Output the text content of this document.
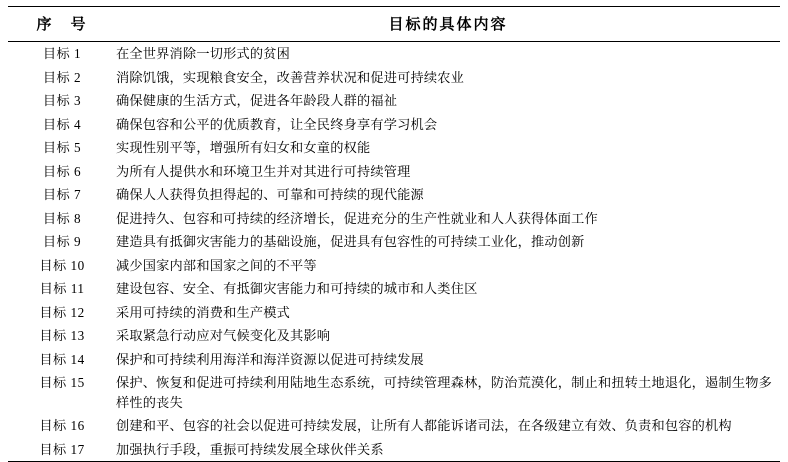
序　号	目标的具体内容
目标 1	在全世界消除一切形式的贫困
目标 2	消除饥饿，实现粮食安全，改善营养状况和促进可持续农业
目标 3	确保健康的生活方式，促进各年龄段人群的福祉
目标 4	确保包容和公平的优质教育，让全民终身享有学习机会
目标 5	实现性别平等，增强所有妇女和女童的权能
目标 6	为所有人提供水和环境卫生并对其进行可持续管理
目标 7	确保人人获得负担得起的、可靠和可持续的现代能源
目标 8	促进持久、包容和可持续的经济增长，促进充分的生产性就业和人人获得体面工作
目标 9	建造具有抵御灾害能力的基础设施，促进具有包容性的可持续工业化，推动创新
目标 10	减少国家内部和国家之间的不平等
目标 11	建设包容、安全、有抵御灾害能力和可持续的城市和人类住区
目标 12	采用可持续的消费和生产模式
目标 13	采取紧急行动应对气候变化及其影响
目标 14	保护和可持续利用海洋和海洋资源以促进可持续发展
目标 15	保护、恢复和促进可持续利用陆地生态系统，可持续管理森林，防治荒漠化，制止和扭转土地退化，遏制生物多样性的丧失
目标 16	创建和平、包容的社会以促进可持续发展，让所有人都能诉诸司法，在各级建立有效、负责和包容的机构
目标 17	加强执行手段，重振可持续发展全球伙伴关系
